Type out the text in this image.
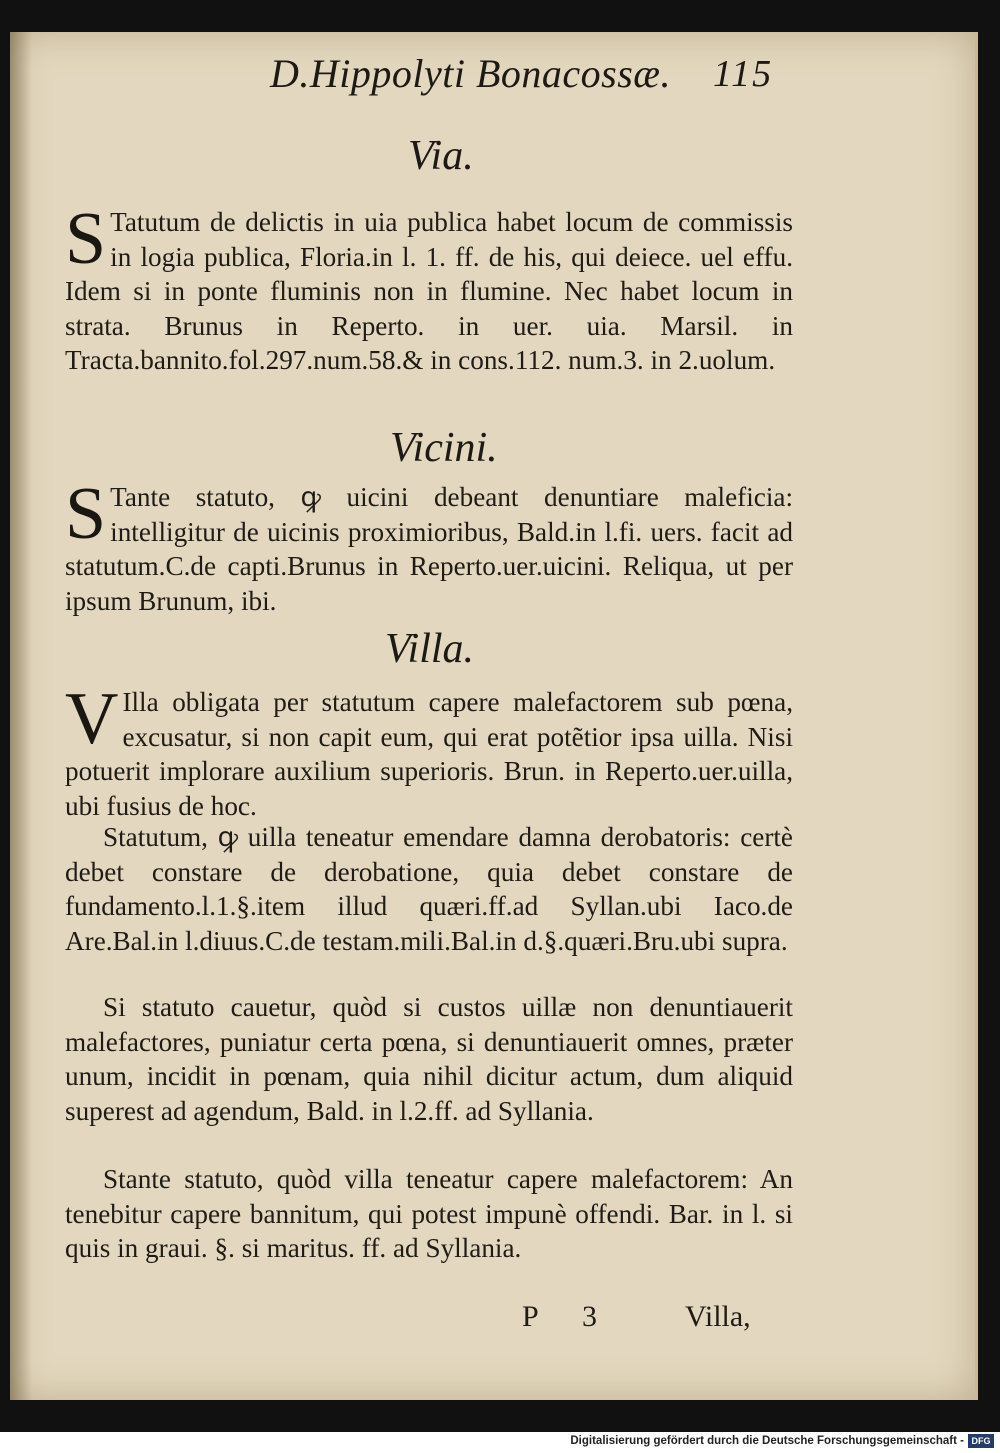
D.Hippolyti Bonacossæ. 115
Via.

S Tatutum de delictis in uia publica habet locum de commissis in logia publica, Floria.in l. 1. ff. de his, qui deiece. uel effu. Idem si in ponte fluminis non in flumine. Nec habet locum in strata. Brunus in Reperto. in uer. uia. Marsil. in Tracta.bannito.fol.297.num.58.& in cons.112. num.3. in 2.uolum.

Vicini.

S Tante statuto, ꝙ uicini debeant denuntiare maleficia: intelligitur de uicinis proximioribus, Bald.in l.fi. uers. facit ad statutum.C.de capti.Brunus in Reperto.uer.uicini. Reliqua, ut per ipsum Brunum, ibi.

Villa.

V Illa obligata per statutum capere malefactorem sub pœna, excusatur, si non capit eum, qui erat potẽtior ipsa uilla. Nisi potuerit implorare auxilium superioris. Brun. in Reperto.uer.uilla, ubi fusius de hoc.

Statutum, ꝙ uilla teneatur emendare damna derobatoris: certè debet constare de derobatione, quia debet constare de fundamento.l.1.§.item illud quæri.ff.ad Syllan.ubi Iaco.de Are.Bal.in l.diuus.C.de testam.mili.Bal.in d.§.quæri.Bru.ubi supra.

Si statuto cauetur, quòd si custos uillæ non denuntiauerit malefactores, puniatur certa pœna, si denuntiauerit omnes, præter unum, incidit in pœnam, quia nihil dicitur actum, dum aliquid superest ad agendum, Bald. in l.2.ff. ad Syllania.

Stante statuto, quòd villa teneatur capere malefactorem: An tenebitur capere bannitum, qui potest impunè offendi. Bar. in l. si quis in graui. §. si maritus. ff. ad Syllania.

P 3	Villa,
Digitalisierung gefördert durch die Deutsche Forschungsgemeinschaft - DFG
